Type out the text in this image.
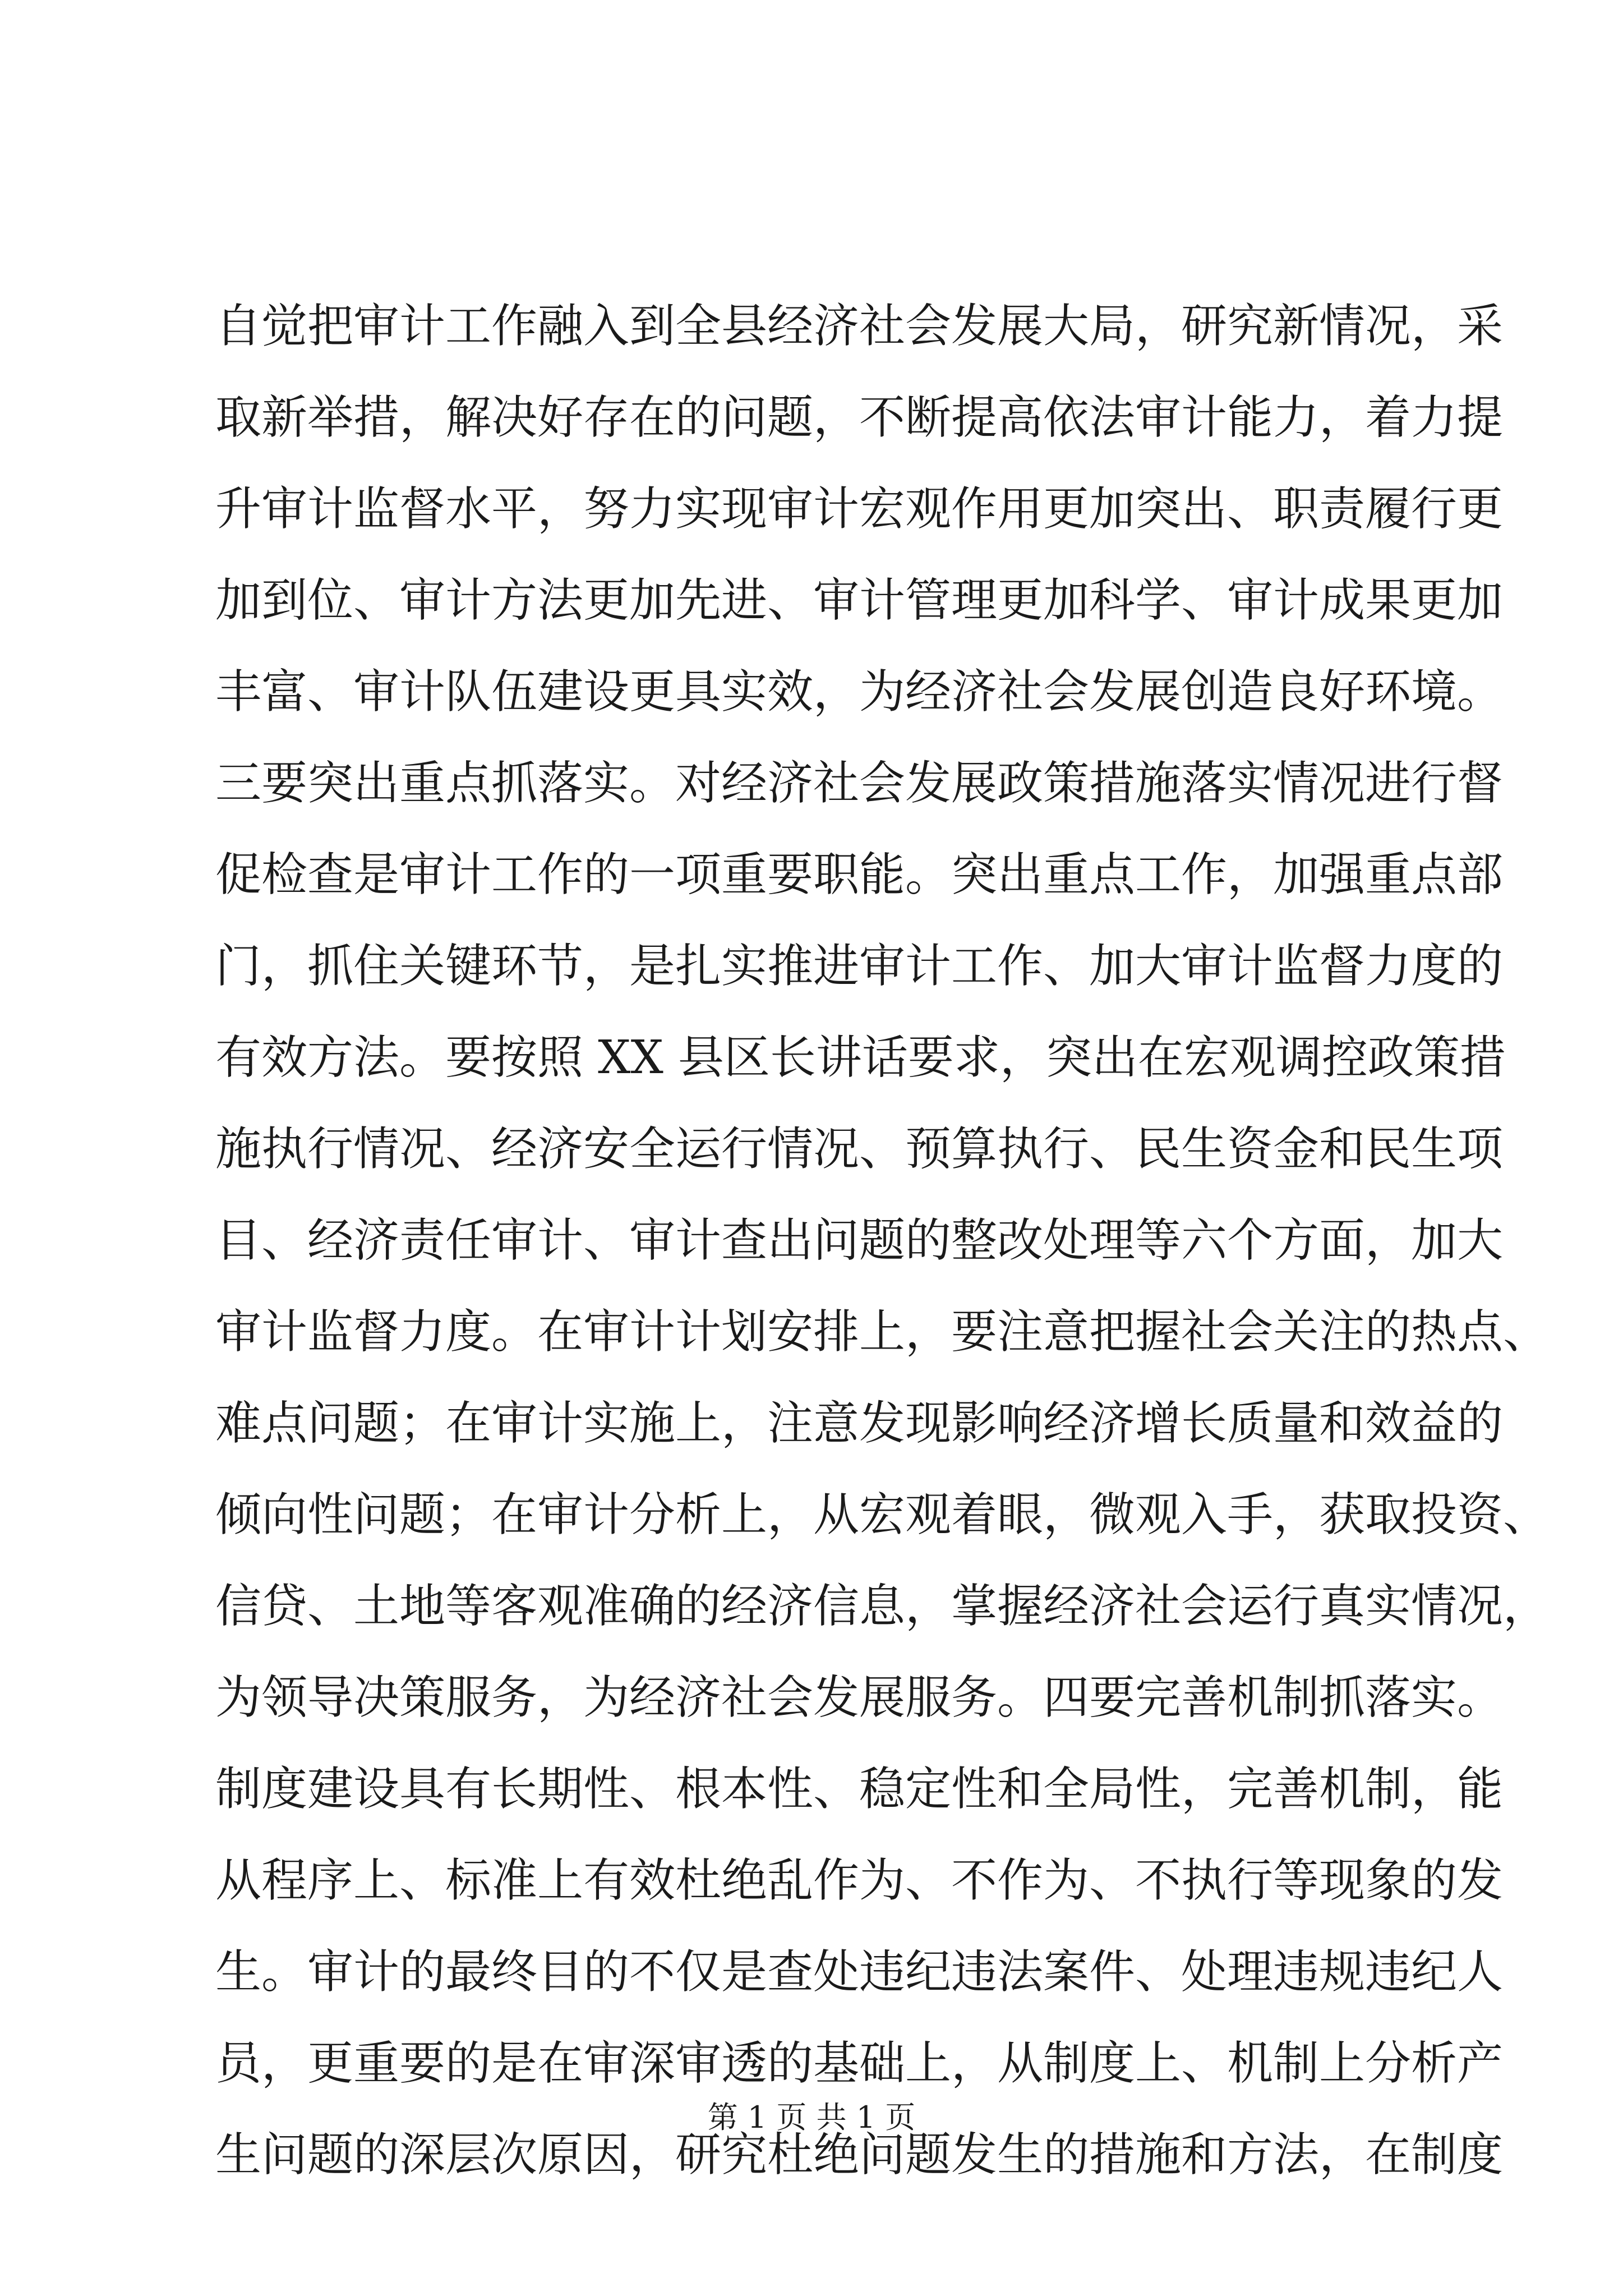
自觉把审计工作融入到全县经济社会发展大局，研究新情况，采
取新举措，解决好存在的问题，不断提高依法审计能力，着力提
升审计监督水平，努力实现审计宏观作用更加突出、职责履行更
加到位、审计方法更加先进、审计管理更加科学、审计成果更加
丰富、审计队伍建设更具实效，为经济社会发展创造良好环境。
三要突出重点抓落实。对经济社会发展政策措施落实情况进行督
促检查是审计工作的一项重要职能。突出重点工作，加强重点部
门，抓住关键环节，是扎实推进审计工作、加大审计监督力度的
有效方法。要按照 XX 县区长讲话要求，突出在宏观调控政策措
施执行情况、经济安全运行情况、预算执行、民生资金和民生项
目、经济责任审计、审计查出问题的整改处理等六个方面，加大
审计监督力度。在审计计划安排上，要注意把握社会关注的热点、
难点问题；在审计实施上，注意发现影响经济增长质量和效益的
倾向性问题；在审计分析上，从宏观着眼，微观入手，获取投资、
信贷、土地等客观准确的经济信息，掌握经济社会运行真实情况，
为领导决策服务，为经济社会发展服务。四要完善机制抓落实。
制度建设具有长期性、根本性、稳定性和全局性，完善机制，能
从程序上、标准上有效杜绝乱作为、不作为、不执行等现象的发
生。审计的最终目的不仅是查处违纪违法案件、处理违规违纪人
员，更重要的是在审深审透的基础上，从制度上、机制上分析产
生问题的深层次原因，研究杜绝问题发生的措施和方法，在制度
第 1 页 共 1 页
